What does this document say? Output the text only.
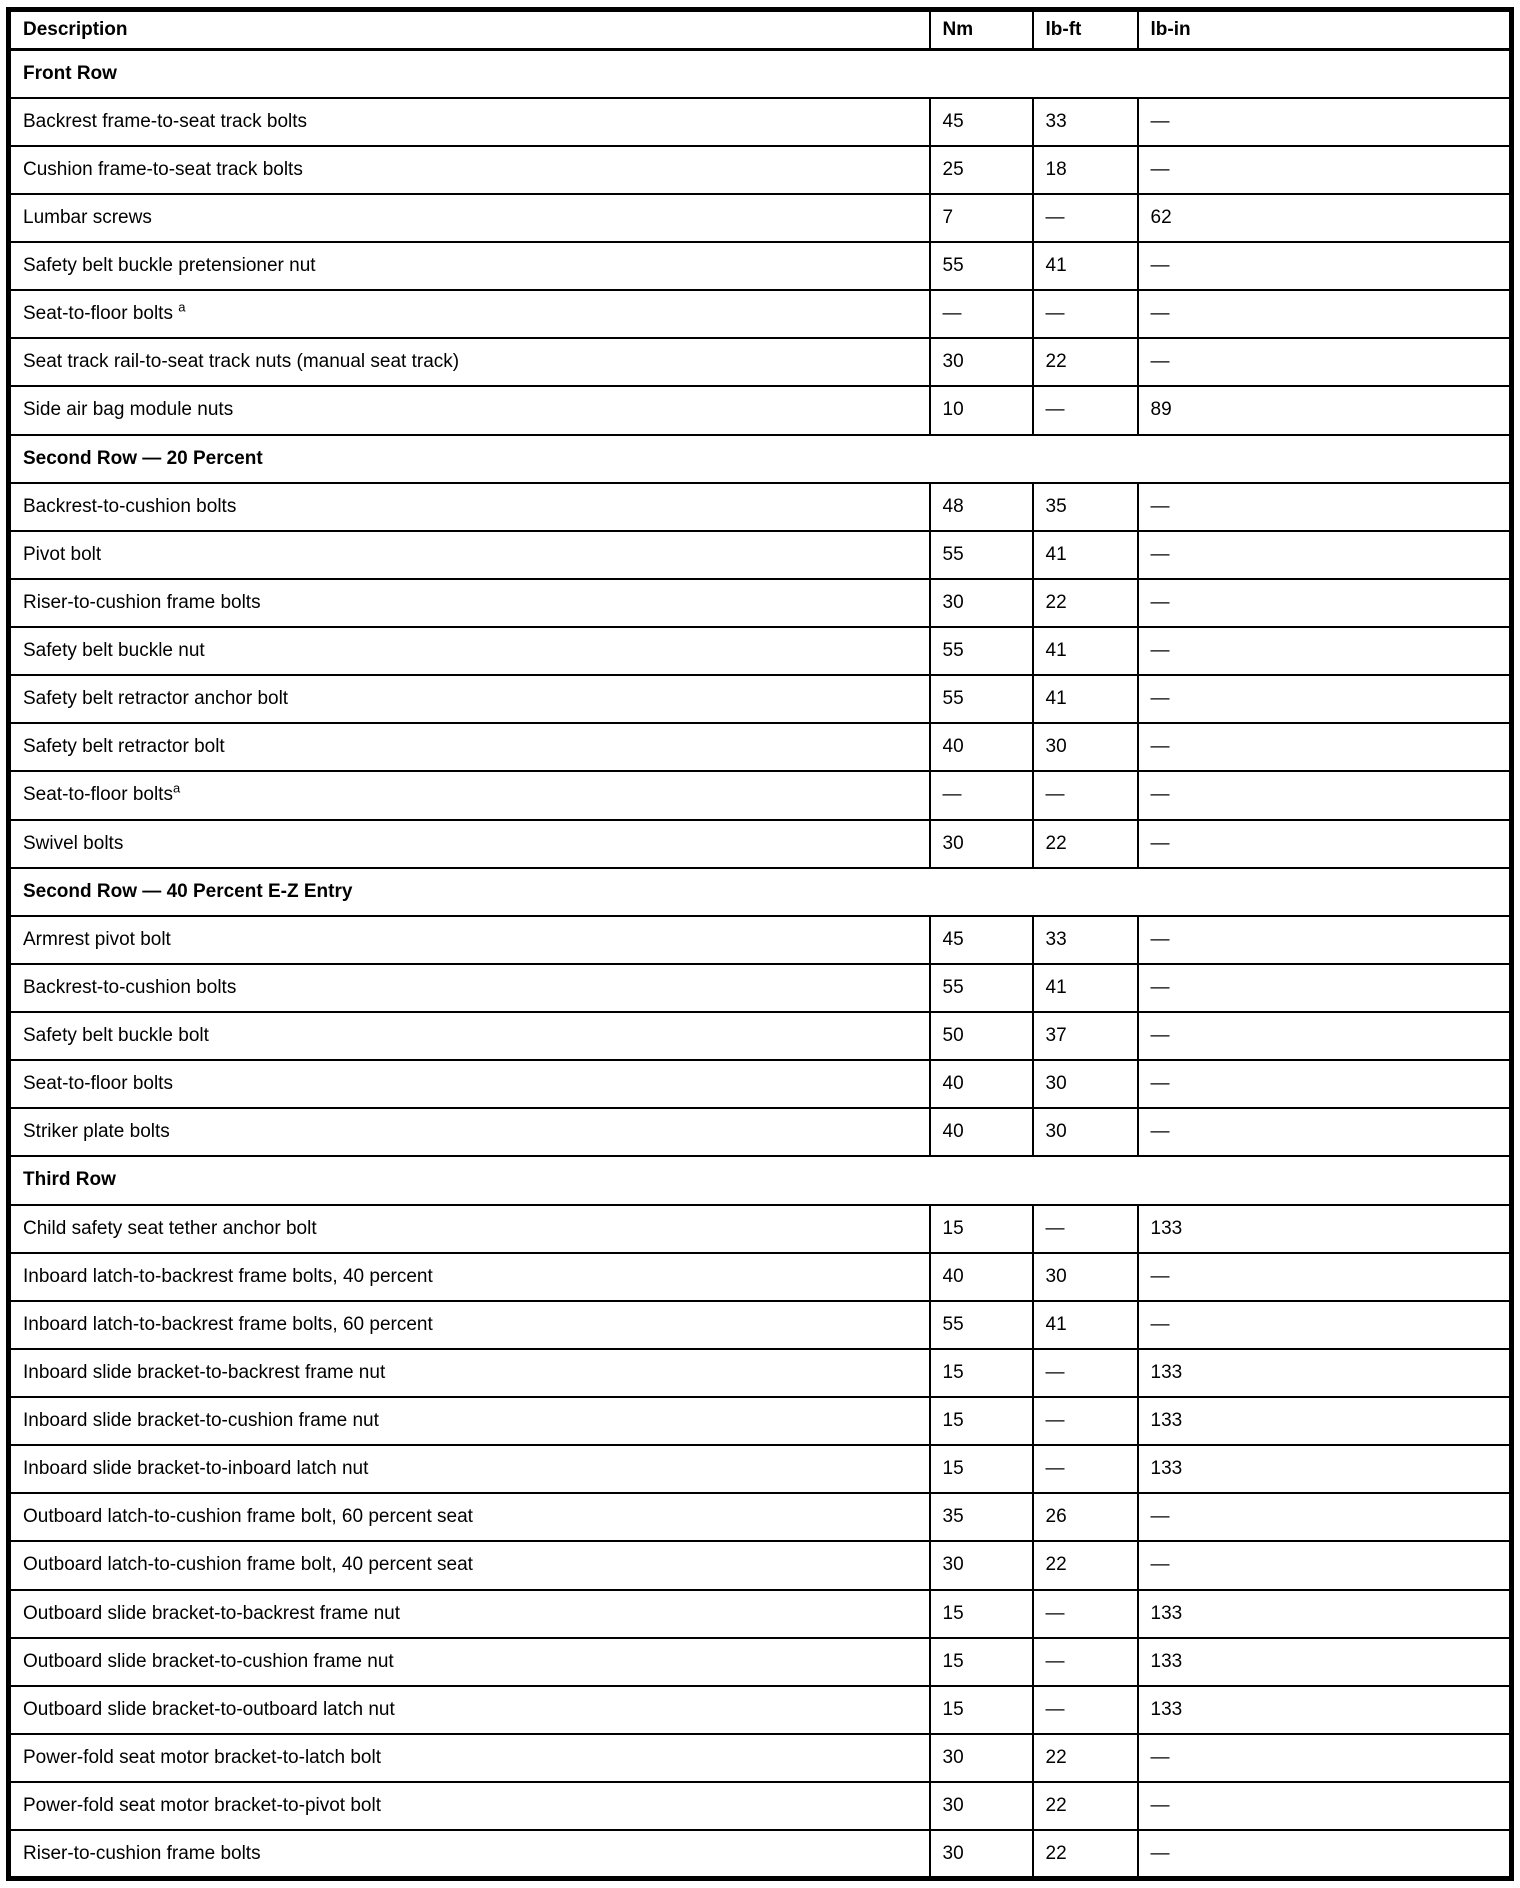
Description	Nm	lb-ft	lb-in
Front Row			
Backrest frame-to-seat track bolts	45	33	—
Cushion frame-to-seat track bolts	25	18	—
Lumbar screws	7	—	62
Safety belt buckle pretensioner nut	55	41	—
Seat-to-floor bolts $^a$	—	—	—
Seat track rail-to-seat track nuts (manual seat track)	30	22	—
Side air bag module nuts	10	—	89
Second Row — 20 Percent			
Backrest-to-cushion bolts	48	35	—
Pivot bolt	55	41	—
Riser-to-cushion frame bolts	30	22	—
Safety belt buckle nut	55	41	—
Safety belt retractor anchor bolt	55	41	—
Safety belt retractor bolt	40	30	—
Seat-to-floor bolts$^a$	—	—	—
Swivel bolts	30	22	—
Second Row — 40 Percent E-Z Entry			
Armrest pivot bolt	45	33	—
Backrest-to-cushion bolts	55	41	—
Safety belt buckle bolt	50	37	—
Seat-to-floor bolts	40	30	—
Striker plate bolts	40	30	—
Third Row			
Child safety seat tether anchor bolt	15	—	133
Inboard latch-to-backrest frame bolts, 40 percent	40	30	—
Inboard latch-to-backrest frame bolts, 60 percent	55	41	—
Inboard slide bracket-to-backrest frame nut	15	—	133
Inboard slide bracket-to-cushion frame nut	15	—	133
Inboard slide bracket-to-inboard latch nut	15	—	133
Outboard latch-to-cushion frame bolt, 60 percent seat	35	26	—
Outboard latch-to-cushion frame bolt, 40 percent seat	30	22	—
Outboard slide bracket-to-backrest frame nut	15	—	133
Outboard slide bracket-to-cushion frame nut	15	—	133
Outboard slide bracket-to-outboard latch nut	15	—	133
Power-fold seat motor bracket-to-latch bolt	30	22	—
Power-fold seat motor bracket-to-pivot bolt	30	22	—
Riser-to-cushion frame bolts	30	22	—
